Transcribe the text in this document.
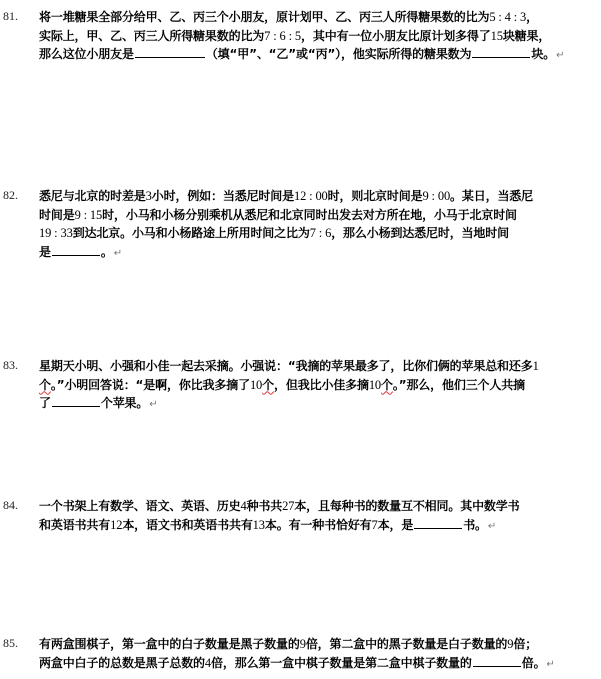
81. 将一堆糖果全部分给甲、乙、丙三个小朋友，原计划甲、乙、丙三人所得糖果数的比为5 : 4 : 3，
实际上，甲、乙、丙三人所得糖果数的比为7 : 6 : 5，其中有一位小朋友比原计划多得了15块糖果，
那么这位小朋友是	（填“甲”、“乙”或“丙”），他实际所得的糖果数为	块。↵
82. 悉尼与北京的时差是3小时，例如：当悉尼时间是12 : 00时，则北京时间是9 : 00。某日，当悉尼
时间是9 : 15时，小马和小杨分别乘机从悉尼和北京同时出发去对方所在地，小马于北京时间
19 : 33到达北京。小马和小杨路途上所用时间之比为7 : 6，那么小杨到达悉尼时，当地时间
是	。↵
83. 星期天小明、小强和小佳一起去采摘。小强说：“我摘的苹果最多了，比你们俩的苹果总和还多1
个。”小明回答说：“是啊，你比我多摘了10个，但我比小佳多摘10个。”那么，他们三个人共摘
了	个苹果。↵
84. 一个书架上有数学、语文、英语、历史4种书共27本，且每种书的数量互不相同。其中数学书
和英语书共有12本，语文书和英语书共有13本。有一种书恰好有7本，是	书。↵
85. 有两盒围棋子，第一盒中的白子数量是黑子数量的9倍，第二盒中的黑子数量是白子数量的9倍；
两盒中白子的总数是黑子总数的4倍，那么第一盒中棋子数量是第二盒中棋子数量的	倍。↵
